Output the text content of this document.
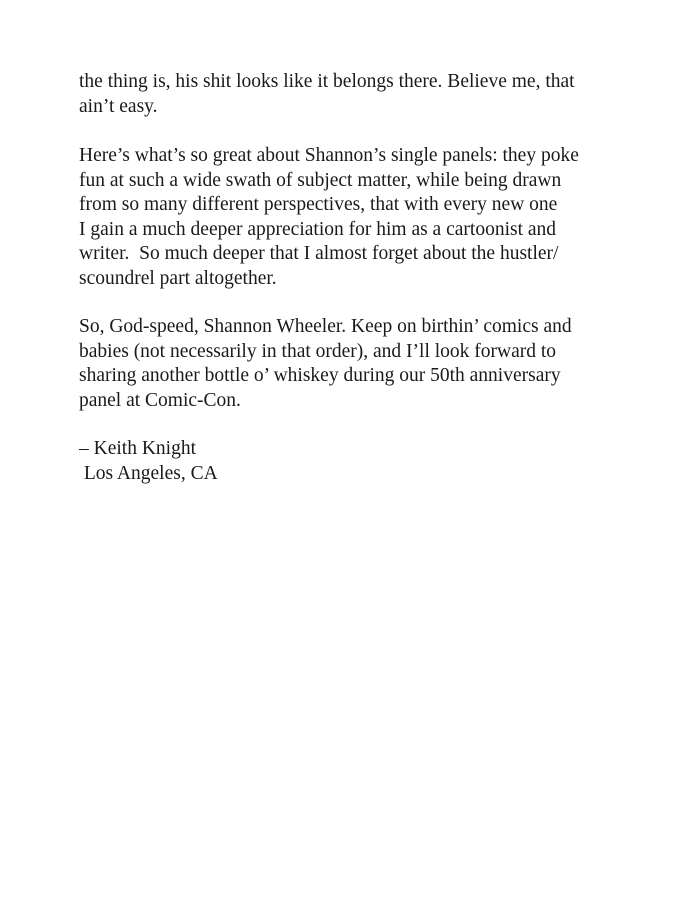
the thing is, his shit looks like it belongs there. Believe me, that
ain’t easy.
Here’s what’s so great about Shannon’s single panels: they poke
fun at such a wide swath of subject matter, while being drawn
from so many different perspectives, that with every new one
I gain a much deeper appreciation for him as a cartoonist and
writer.  So much deeper that I almost forget about the hustler/
scoundrel part altogether.
So, God-speed, Shannon Wheeler. Keep on birthin’ comics and
babies (not necessarily in that order), and I’ll look forward to
sharing another bottle o’ whiskey during our 50th anniversary
panel at Comic-Con.
– Keith Knight
Los Angeles, CA
